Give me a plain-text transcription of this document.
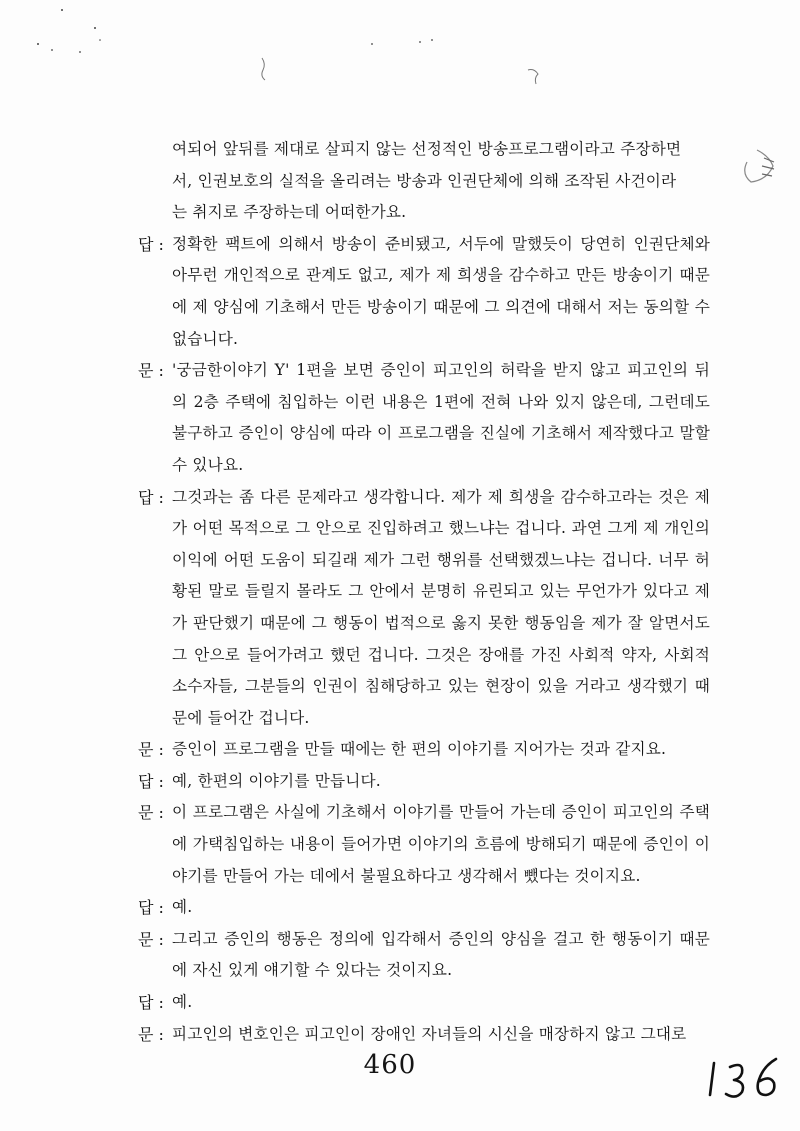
여되어 앞뒤를 제대로 살피지 않는 선정적인 방송프로그램이라고 주장하면
서, 인권보호의 실적을 올리려는 방송과 인권단체에 의해 조작된 사건이라
는 취지로 주장하는데 어떠한가요.
답 : 정확한 팩트에 의해서 방송이 준비됐고, 서두에 말했듯이 당연히 인권단체와 아무런 개인적으로 관계도 없고, 제가 제 희생을 감수하고 만든 방송이기 때문에 제 양심에 기초해서 만든 방송이기 때문에 그 의견에 대해서 저는 동의할 수 없습니다.
문 : '궁금한이야기 Y' 1편을 보면 증인이 피고인의 허락을 받지 않고 피고인의 뒤의 2층 주택에 침입하는 이런 내용은 1편에 전혀 나와 있지 않은데, 그런데도 불구하고 증인이 양심에 따라 이 프로그램을 진실에 기초해서 제작했다고 말할 수 있나요.
답 : 그것과는 좀 다른 문제라고 생각합니다. 제가 제 희생을 감수하고라는 것은 제가 어떤 목적으로 그 안으로 진입하려고 했느냐는 겁니다. 과연 그게 제 개인의 이익에 어떤 도움이 되길래 제가 그런 행위를 선택했겠느냐는 겁니다. 너무 허황된 말로 들릴지 몰라도 그 안에서 분명히 유린되고 있는 무언가가 있다고 제가 판단했기 때문에 그 행동이 법적으로 옳지 못한 행동임을 제가 잘 알면서도 그 안으로 들어가려고 했던 겁니다. 그것은 장애를 가진 사회적 약자, 사회적 소수자들, 그분들의 인권이 침해당하고 있는 현장이 있을 거라고 생각했기 때문에 들어간 겁니다.
문 : 증인이 프로그램을 만들 때에는 한 편의 이야기를 지어가는 것과 같지요.
답 : 예, 한편의 이야기를 만듭니다.
문 : 이 프로그램은 사실에 기초해서 이야기를 만들어 가는데 증인이 피고인의 주택에 가택침입하는 내용이 들어가면 이야기의 흐름에 방해되기 때문에 증인이 이야기를 만들어 가는 데에서 불필요하다고 생각해서 뺐다는 것이지요.
답 : 예.
문 : 그리고 증인의 행동은 정의에 입각해서 증인의 양심을 걸고 한 행동이기 때문에 자신 있게 얘기할 수 있다는 것이지요.
답 : 예.
문 : 피고인의 변호인은 피고인이 장애인 자녀들의 시신을 매장하지 않고 그대로
460
